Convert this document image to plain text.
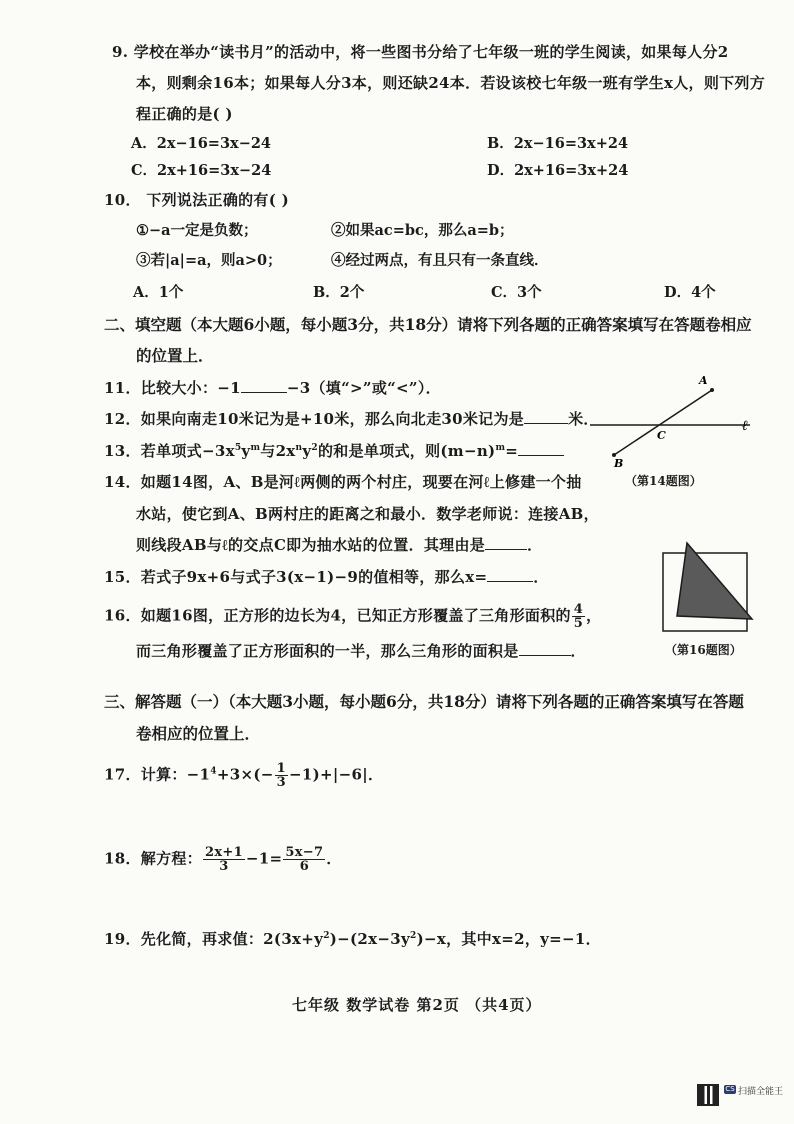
9. 学校在举办“读书月”的活动中，将一些图书分给了七年级一班的学生阅读，如果每人分2
本，则剩余16本；如果每人分3本，则还缺24本．若设该校七年级一班有学生x人，则下列方
程正确的是( )
A．2x−16=3x−24	B．2x−16=3x+24
C．2x+16=3x−24	D．2x+16=3x+24
10． 下列说法正确的有( )
①−a一定是负数；	②如果ac=bc，那么a=b；
③若|a|=a，则a>0；	④经过两点，有且只有一条直线．
A．1个	B．2个	C．3个	D．4个
二、填空题（本大题6小题，每小题3分，共18分）请将下列各题的正确答案填写在答题卷相应
的位置上．
11．比较大小：−1	−3（填“>”或“<”）．
12．如果向南走10米记为是+10米，那么向北走30米记为是	米．
13．若单项式$-3x^5y^m$与$2x^ny^2$的和是单项式，则$(m-n)^m=$
14．如题14图，A、B是河ℓ两侧的两个村庄，现要在河ℓ上修建一个抽
水站，使它到A、B两村庄的距离之和最小．数学老师说：连接AB，
则线段AB与ℓ的交点C即为抽水站的位置．其理由是	．
A
B
C
ℓ
（第14题图）
15．若式子9x+6与式子3(x−1)−9的值相等，那么x=	．
16．如题16图，正方形的边长为4，已知正方形覆盖了三角形面积的 $\frac{4}{5}$ ，
而三角形覆盖了正方形面积的一半，那么三角形的面积是	．	（第16题图）
三、解答题（一）（本大题3小题，每小题6分，共18分）请将下列各题的正确答案填写在答题
卷相应的位置上．
17．计算：$-1^4+3\times(- \frac{1}{3} -1)+|-6|$．
18．解方程： $\frac{2x+1}{3} -1= \frac{5x-7}{6}$ ．
19．先化简，再求值：$2(3x+y^2)-(2x-3y^2)-x$，其中x=2，y=−1．
七年级 数学试卷 第2页 （共4页）
CS 扫描全能王
